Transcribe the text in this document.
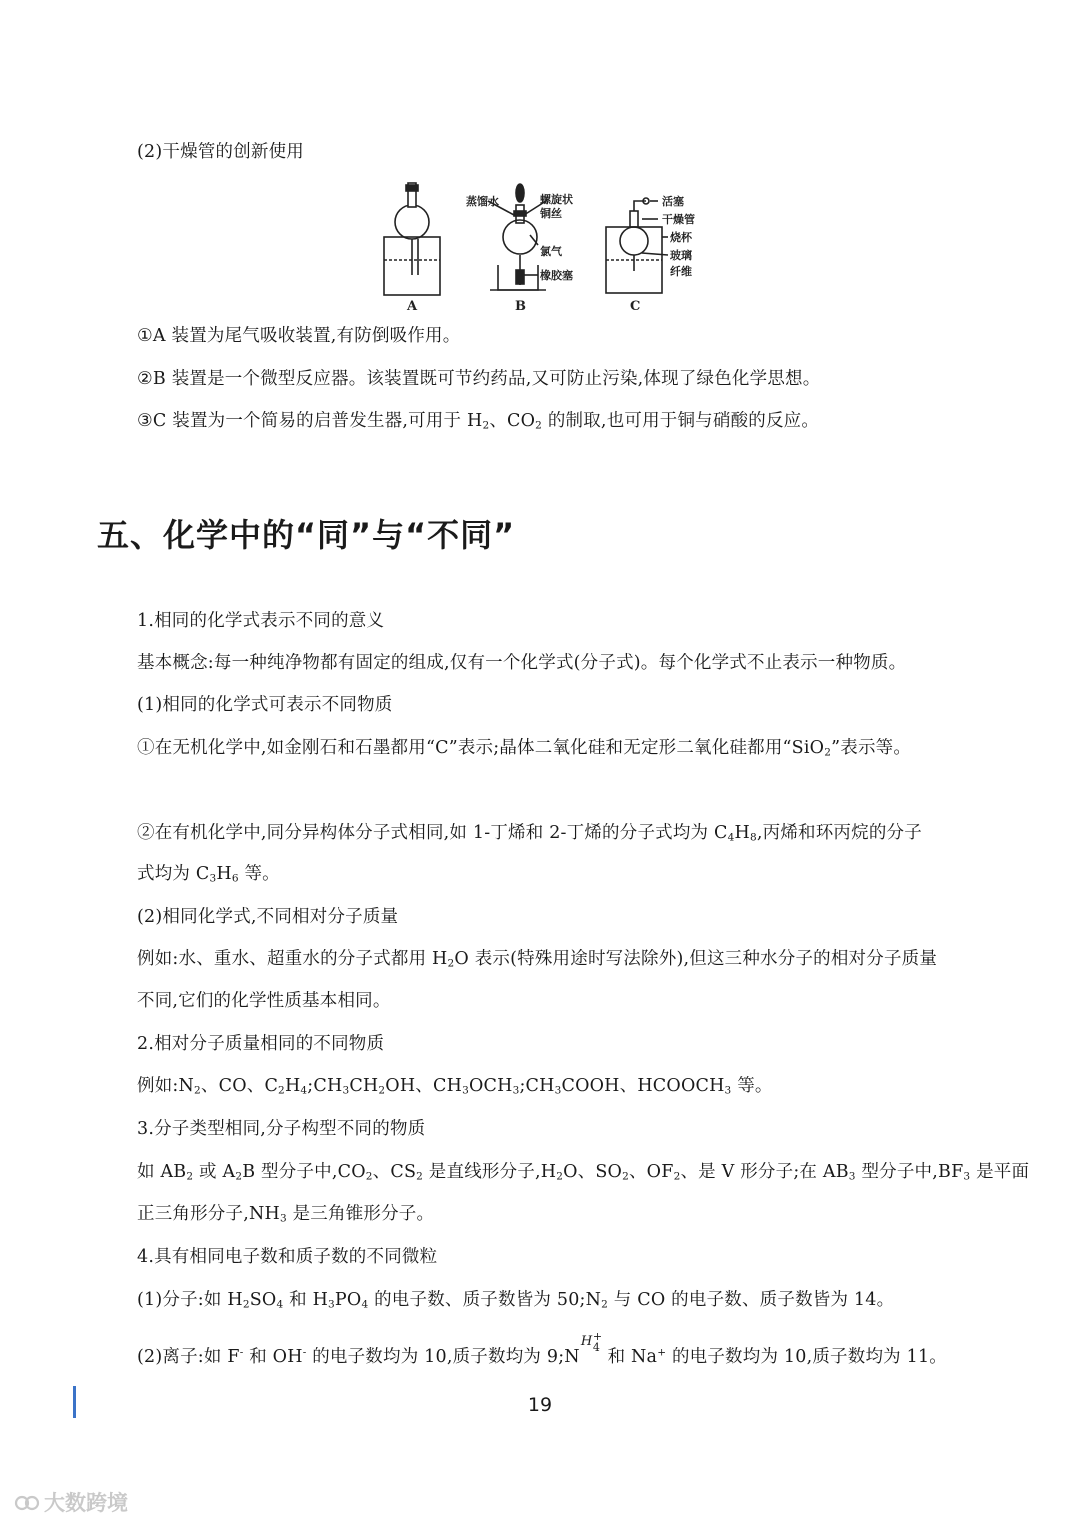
(2)干燥管的创新使用
A
蒸馏水	螺旋状
铜丝
氯气
橡胶塞
B
活塞
干燥管
烧杯
玻璃
纤维
C
①A 装置为尾气吸收装置,有防倒吸作用。
②B 装置是一个微型反应器。该装置既可节约药品,又可防止污染,体现了绿色化学思想。
③C 装置为一个简易的启普发生器,可用于 $H_2$、$CO_2$ 的制取,也可用于铜与硝酸的反应。
五、化学中的“同”与“不同”
1.相同的化学式表示不同的意义
基本概念:每一种纯净物都有固定的组成,仅有一个化学式(分子式)。每个化学式不止表示一种物质。
(1)相同的化学式可表示不同物质
①在无机化学中,如金刚石和石墨都用“C”表示;晶体二氧化硅和无定形二氧化硅都用“SiO$_2$”表示等。
②在有机化学中,同分异构体分子式相同,如 1-丁烯和 2-丁烯的分子式均为 $C_4H_8$,丙烯和环丙烷的分子
式均为 $C_3H_6$ 等。
(2)相同化学式,不同相对分子质量
例如:水、重水、超重水的分子式都用 $H_2O$ 表示(特殊用途时写法除外),但这三种水分子的相对分子质量
不同,它们的化学性质基本相同。
2.相对分子质量相同的不同物质
例如$:N_2$、CO、$C_2H_4;CH_3CH_2OH$、$CH_3OCH_3;CH_3COOH$、$HCOOCH_3$ 等。
3.分子类型相同,分子构型不同的物质
如 $AB_2$ 或 $A_2B$ 型分子中$,CO_2$、$CS_2$ 是直线形分子$,H_2O$、$SO_2$、$OF_2$、是 V 形分子;在 $AB_3$ 型分子中$,BF_3$ 是平面
正三角形分子$,NH_3$ 是三角锥形分子。
4.具有相同电子数和质子数的不同微粒
(1)分子:如 $H_2SO_4$ 和 $H_3PO_4$ 的电子数、质子数皆为 $50;N_2$ 与 CO 的电子数、质子数皆为 14。
(2)离子:如 F- 和 OH- 的电子数均为 10,质子数均为 9;N
H +
4 和 Na+ 的电子数均为 10,质子数均为 11。
19
大数跨境
